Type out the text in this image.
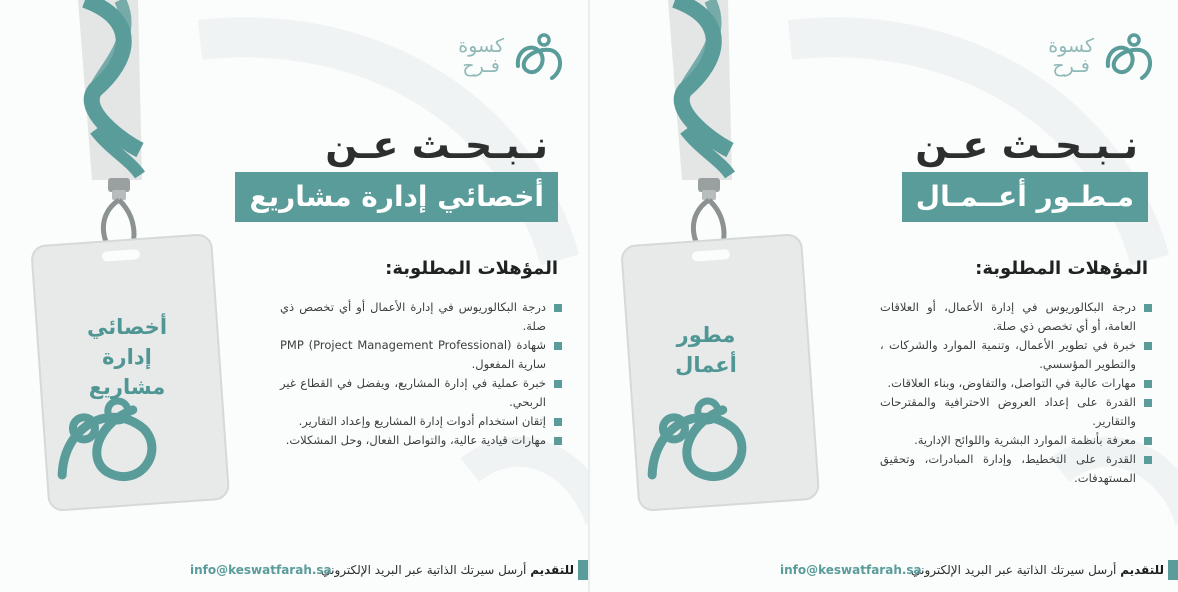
أخصائي إدارة مشاريع
كسوة
فـرح
نـبـحـث عـن
أخصائي إدارة مشاريع
المؤهلات المطلوبة:
درجة البكالوريوس في إدارة الأعمال أو أي تخصص ذي صلة.
شهادة PMP (Project Management Professional) سارية المفعول.
خبرة عملية في إدارة المشاريع، ويفضل في القطاع غير الربحي.
إتقان استخدام أدوات إدارة المشاريع وإعداد التقارير.
مهارات قيادية عالية، والتواصل الفعال، وحل المشكلات.
للتقديم أرسل سيرتك الذاتية عبر البريد الإلكتروني
info@keswatfarah.sa
كسوة
فـرح
نـبـحـث عـن
مـطـور أعــمـال
المؤهلات المطلوبة:
درجة البكالوريوس في إدارة الأعمال، أو العلاقات العامة، أو أي تخصص ذي صلة.
خبرة في تطوير الأعمال، وتنمية الموارد والشركات ، والتطوير المؤسسي.
مهارات عالية في التواصل، والتفاوض، وبناء العلاقات.
القدرة على إعداد العروض الاحترافية والمقترحات والتقارير.
معرفة بأنظمة الموارد البشرية واللوائح الإدارية.
القدرة على التخطيط، وإدارة المبادرات، وتحقيق المستهدفات.
للتقديم أرسل سيرتك الذاتية عبر البريد الإلكتروني
info@keswatfarah.sa
مطور أعمال
